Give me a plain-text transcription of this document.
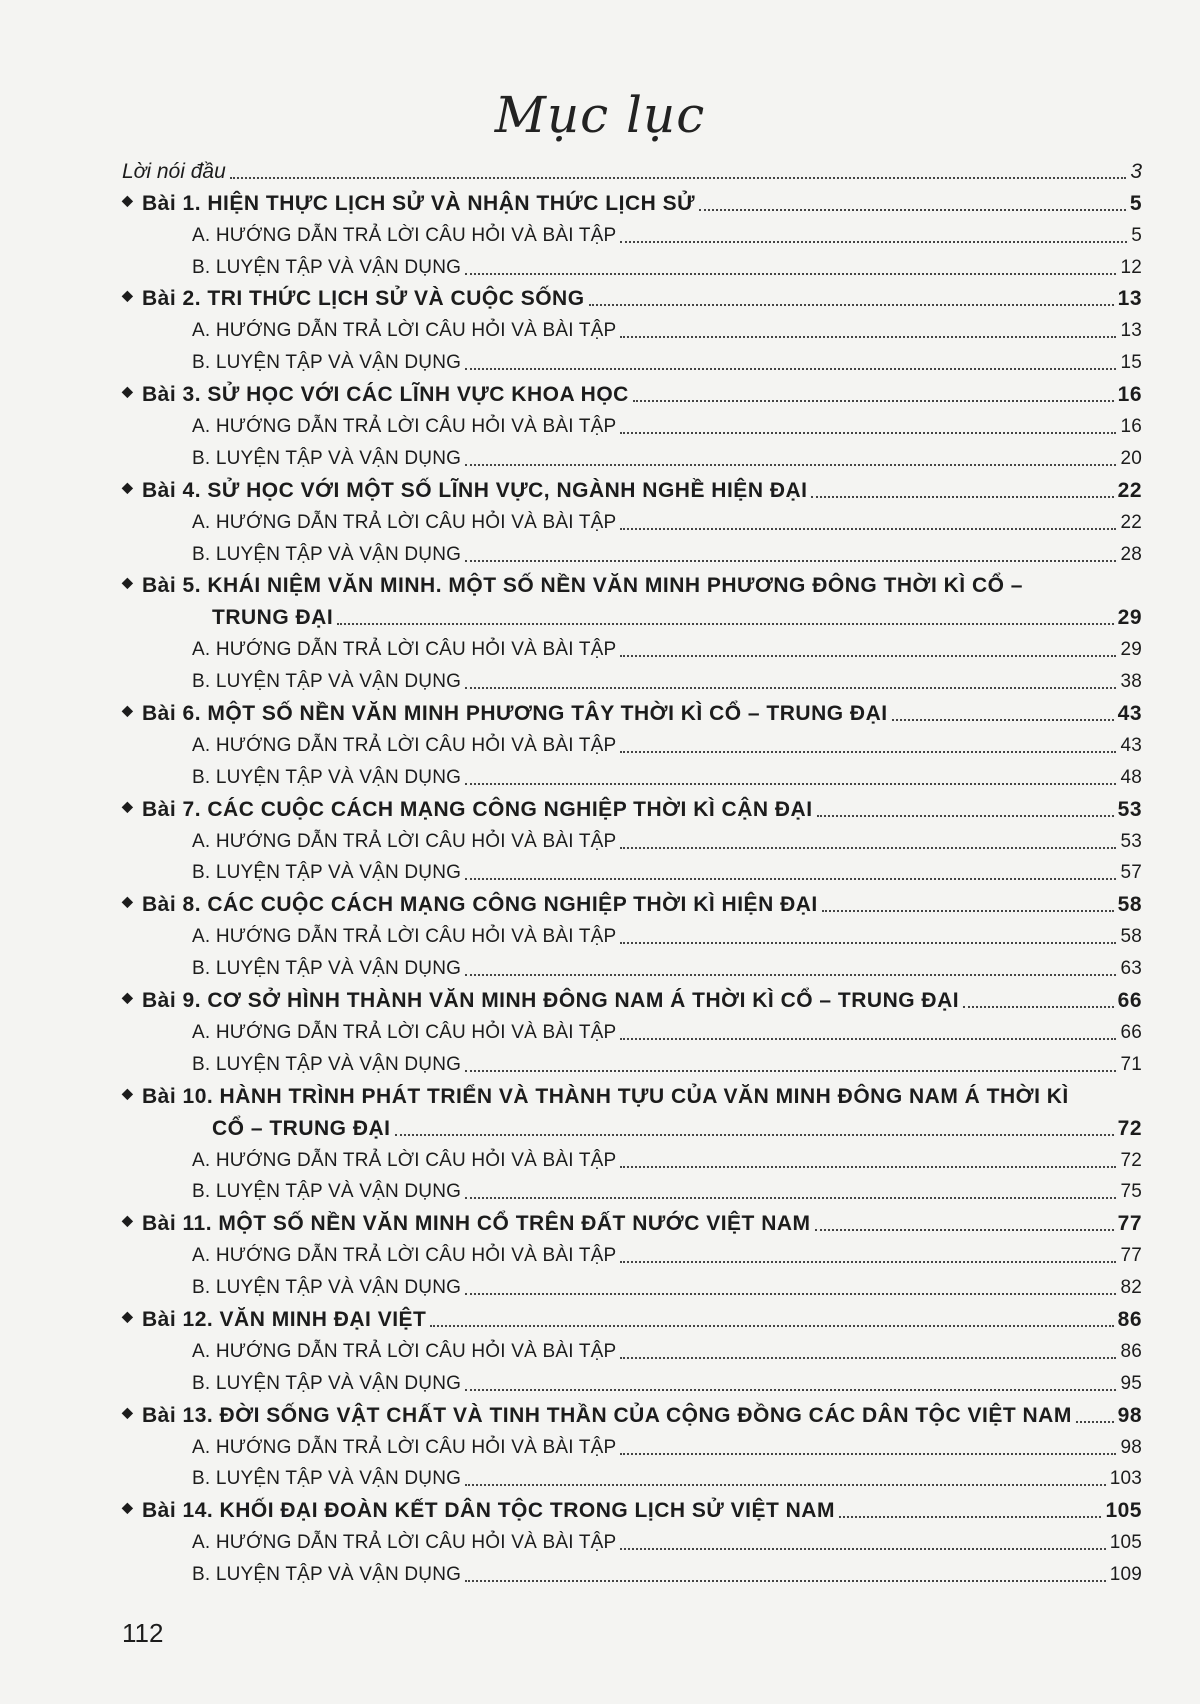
Mục lục
Lời nói đầu	3
◆ Bài 1. HIỆN THỰC LỊCH SỬ VÀ NHẬN THỨC LỊCH SỬ	5
A. HƯỚNG DẪN TRẢ LỜI CÂU HỎI VÀ BÀI TẬP	5
B. LUYỆN TẬP VÀ VẬN DỤNG	12
◆ Bài 2. TRI THỨC LỊCH SỬ VÀ CUỘC SỐNG	13
A. HƯỚNG DẪN TRẢ LỜI CÂU HỎI VÀ BÀI TẬP	13
B. LUYỆN TẬP VÀ VẬN DỤNG	15
◆ Bài 3. SỬ HỌC VỚI CÁC LĨNH VỰC KHOA HỌC	16
A. HƯỚNG DẪN TRẢ LỜI CÂU HỎI VÀ BÀI TẬP	16
B. LUYỆN TẬP VÀ VẬN DỤNG	20
◆ Bài 4. SỬ HỌC VỚI MỘT SỐ LĨNH VỰC, NGÀNH NGHỀ HIỆN ĐẠI	22
A. HƯỚNG DẪN TRẢ LỜI CÂU HỎI VÀ BÀI TẬP	22
B. LUYỆN TẬP VÀ VẬN DỤNG	28
◆ Bài 5. KHÁI NIỆM VĂN MINH. MỘT SỐ NỀN VĂN MINH PHƯƠNG ĐÔNG THỜI KÌ CỔ –
TRUNG ĐẠI	29
A. HƯỚNG DẪN TRẢ LỜI CÂU HỎI VÀ BÀI TẬP	29
B. LUYỆN TẬP VÀ VẬN DỤNG	38
◆ Bài 6. MỘT SỐ NỀN VĂN MINH PHƯƠNG TÂY THỜI KÌ CỔ – TRUNG ĐẠI	43
A. HƯỚNG DẪN TRẢ LỜI CÂU HỎI VÀ BÀI TẬP	43
B. LUYỆN TẬP VÀ VẬN DỤNG	48
◆ Bài 7. CÁC CUỘC CÁCH MẠNG CÔNG NGHIỆP THỜI KÌ CẬN ĐẠI	53
A. HƯỚNG DẪN TRẢ LỜI CÂU HỎI VÀ BÀI TẬP	53
B. LUYỆN TẬP VÀ VẬN DỤNG	57
◆ Bài 8. CÁC CUỘC CÁCH MẠNG CÔNG NGHIỆP THỜI KÌ HIỆN ĐẠI	58
A. HƯỚNG DẪN TRẢ LỜI CÂU HỎI VÀ BÀI TẬP	58
B. LUYỆN TẬP VÀ VẬN DỤNG	63
◆ Bài 9. CƠ SỞ HÌNH THÀNH VĂN MINH ĐÔNG NAM Á THỜI KÌ CỔ – TRUNG ĐẠI	66
A. HƯỚNG DẪN TRẢ LỜI CÂU HỎI VÀ BÀI TẬP	66
B. LUYỆN TẬP VÀ VẬN DỤNG	71
◆ Bài 10. HÀNH TRÌNH PHÁT TRIỂN VÀ THÀNH TỰU CỦA VĂN MINH ĐÔNG NAM Á THỜI KÌ
CỔ – TRUNG ĐẠI	72
A. HƯỚNG DẪN TRẢ LỜI CÂU HỎI VÀ BÀI TẬP	72
B. LUYỆN TẬP VÀ VẬN DỤNG	75
◆ Bài 11. MỘT SỐ NỀN VĂN MINH CỔ TRÊN ĐẤT NƯỚC VIỆT NAM	77
A. HƯỚNG DẪN TRẢ LỜI CÂU HỎI VÀ BÀI TẬP	77
B. LUYỆN TẬP VÀ VẬN DỤNG	82
◆ Bài 12. VĂN MINH ĐẠI VIỆT	86
A. HƯỚNG DẪN TRẢ LỜI CÂU HỎI VÀ BÀI TẬP	86
B. LUYỆN TẬP VÀ VẬN DỤNG	95
◆ Bài 13. ĐỜI SỐNG VẬT CHẤT VÀ TINH THẦN CỦA CỘNG ĐỒNG CÁC DÂN TỘC VIỆT NAM 98
A. HƯỚNG DẪN TRẢ LỜI CÂU HỎI VÀ BÀI TẬP	98
B. LUYỆN TẬP VÀ VẬN DỤNG	103
◆ Bài 14. KHỐI ĐẠI ĐOÀN KẾT DÂN TỘC TRONG LỊCH SỬ VIỆT NAM	105
A. HƯỚNG DẪN TRẢ LỜI CÂU HỎI VÀ BÀI TẬP	105
B. LUYỆN TẬP VÀ VẬN DỤNG	109
112
